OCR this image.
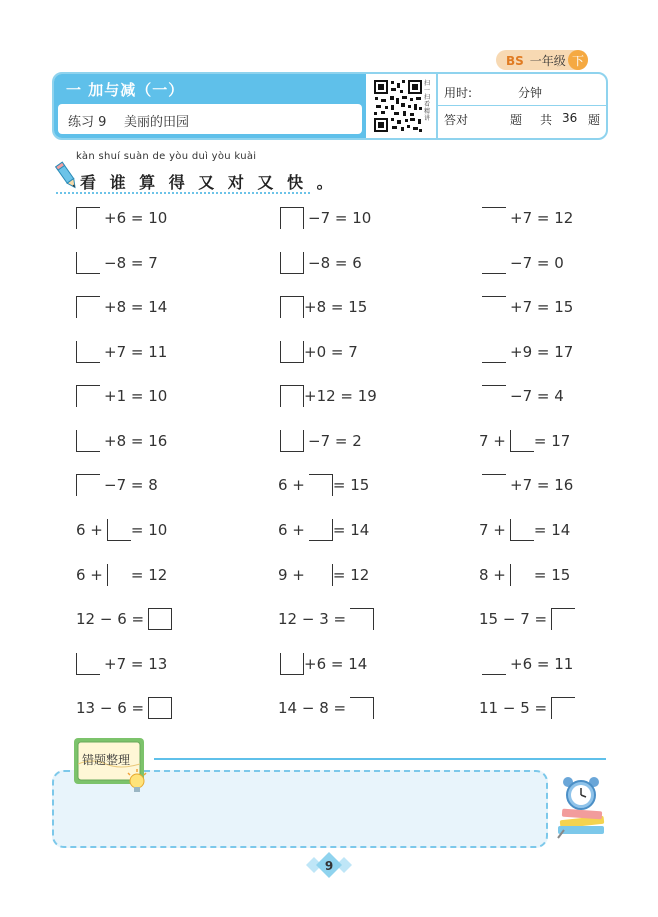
BS 一年级 下
一 加与减（一）
练习 9 美丽的田园
扫一扫看精讲
用时:	分钟
答对	题 共 36 题
kàn shuí suàn de yòu duì yòu kuài
看 谁 算 得 又 对 又 快 。
+6 = 10	−7 = 10	+7 = 12
−8 = 7	−8 = 6	−7 = 0
+8 = 14	+8 = 15	+7 = 15
+7 = 11	+0 = 7	+9 = 17
+1 = 10	+12 = 19	−7 = 4
+8 = 16	−7 = 2	7 + = 17
−7 = 8	6 + = 15	+7 = 16
6 + = 10	6 + = 14	7 + = 14
6 + = 12	9 + = 12	8 + = 15
12 − 6 =	12 − 3 =	15 − 7 =
+7 = 13	+6 = 14	+6 = 11
13 − 6 =	14 − 8 =	11 − 5 =
错题整理
9
